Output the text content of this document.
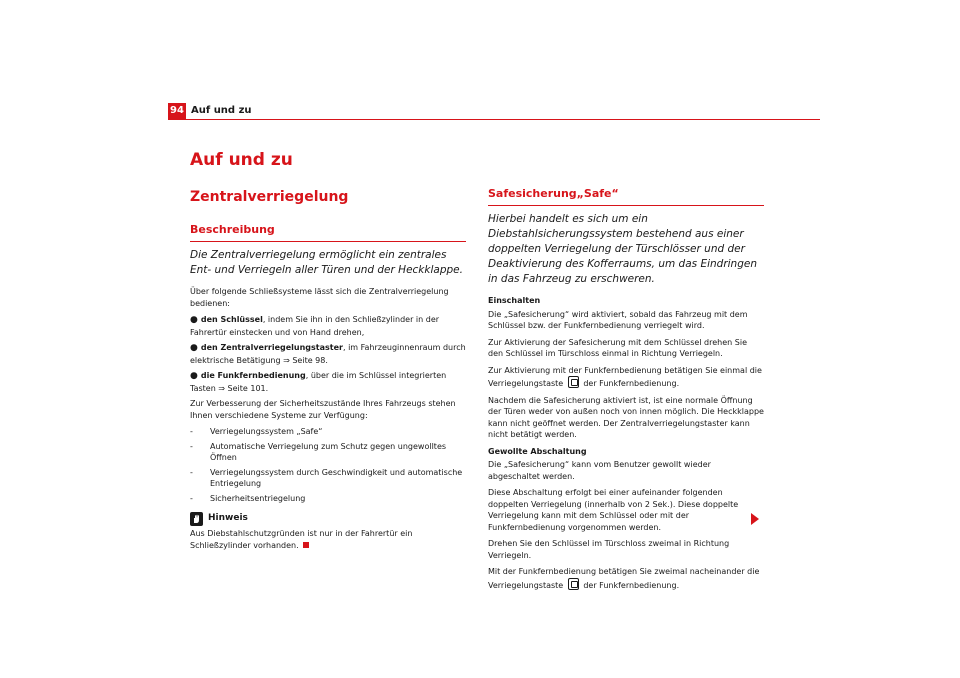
94 Auf und zu
Auf und zu
Zentralverriegelung
Beschreibung

Die Zentralverriegelung ermöglicht ein zentrales Ent- und Verriegeln aller Türen und der Heckklappe.

Über folgende Schließsysteme lässt sich die Zentralverriegelung bedienen:

● den Schlüssel, indem Sie ihn in den Schließzylinder in der Fahrertür einstecken und von Hand drehen,
● den Zentralverriegelungstaster, im Fahrzeuginnenraum durch elektrische Betätigung ⇒ Seite 98.
● die Funkfernbedienung, über die im Schlüssel integrierten Tasten ⇒ Seite 101.

Zur Verbesserung der Sicherheitszustände Ihres Fahrzeugs stehen Ihnen verschiedene Systeme zur Verfügung:

- Verriegelungssystem „Safe“
- Automatische Verriegelung zum Schutz gegen ungewolltes Öffnen
- Verriegelungssystem durch Geschwindigkeit und automatische Entriegelung
- Sicherheitsentriegelung
Hinweis

Aus Diebstahlschutzgründen ist nur in der Fahrertür ein Schließzylinder vorhanden.

Safesicherung„Safe“

Hierbei handelt es sich um ein Diebstahlsicherungssystem bestehend aus einer doppelten Verriegelung der Türschlösser und der Deaktivierung des Kofferraums, um das Eindringen in das Fahrzeug zu erschweren.

Einschalten

Die „Safesicherung“ wird aktiviert, sobald das Fahrzeug mit dem Schlüssel bzw. der Funkfernbedienung verriegelt wird.

Zur Aktivierung der Safesicherung mit dem Schlüssel drehen Sie den Schlüssel im Türschloss einmal in Richtung Verriegeln.

Zur Aktivierung mit der Funkfernbedienung betätigen Sie einmal die Verriegelungstaste	der Funkfernbedienung.

Nachdem die Safesicherung aktiviert ist, ist eine normale Öffnung der Türen weder von außen noch von innen möglich. Die Heckklappe kann nicht geöffnet werden. Der Zentralverriegelungstaster kann nicht betätigt werden.

Gewollte Abschaltung

Die „Safesicherung“ kann vom Benutzer gewollt wieder abgeschaltet werden.

Diese Abschaltung erfolgt bei einer aufeinander folgenden doppelten Verriegelung (innerhalb von 2 Sek.). Diese doppelte Verriegelung kann mit dem Schlüssel oder mit der Funkfernbedienung vorgenommen werden.

Drehen Sie den Schlüssel im Türschloss zweimal in Richtung Verriegeln.

Mit der Funkfernbedienung betätigen Sie zweimal nacheinander die Verriegelungstaste	der Funkfernbedienung.
